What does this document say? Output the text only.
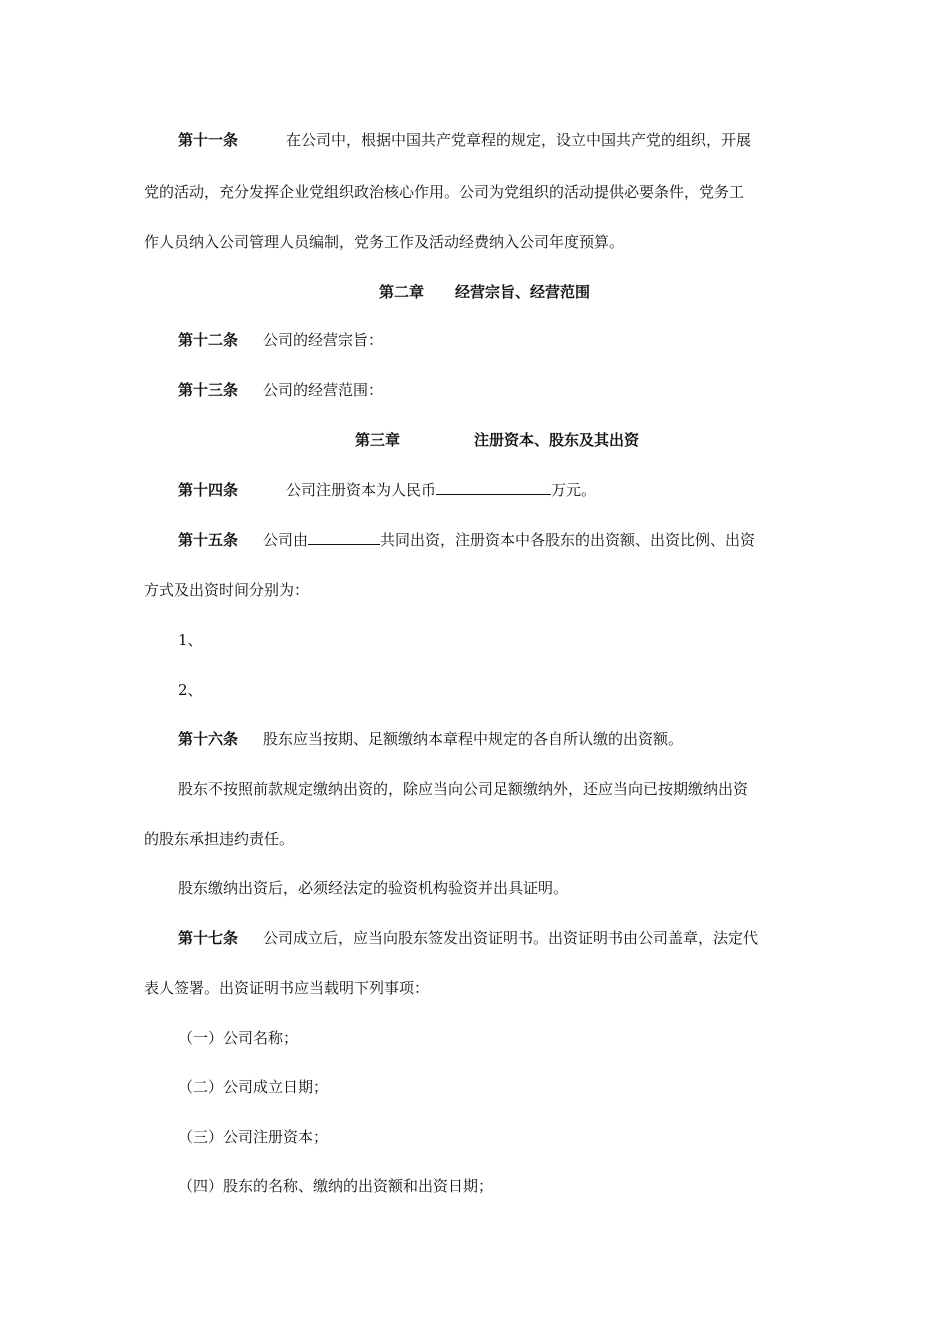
第十一条	在公司中，根据中国共产党章程的规定，设立中国共产党的组织，开展
党的活动，充分发挥企业党组织政治核心作用。公司为党组织的活动提供必要条件，党务工
作人员纳入公司管理人员编制，党务工作及活动经费纳入公司年度预算。
第二章 经营宗旨、经营范围
第十二条 公司的经营宗旨：
第十三条 公司的经营范围：
第三章	注册资本、股东及其出资
第十四条	公司注册资本为人民币	万元。
第十五条 公司由	共同出资，注册资本中各股东的出资额、出资比例、出资
方式及出资时间分别为：
1、
2、
第十六条 股东应当按期、足额缴纳本章程中规定的各自所认缴的出资额。
股东不按照前款规定缴纳出资的，除应当向公司足额缴纳外，还应当向已按期缴纳出资
的股东承担违约责任。
股东缴纳出资后，必须经法定的验资机构验资并出具证明。
第十七条 公司成立后，应当向股东签发出资证明书。出资证明书由公司盖章，法定代
表人签署。出资证明书应当载明下列事项：
（一）公司名称；
（二）公司成立日期；
（三）公司注册资本；
（四）股东的名称、缴纳的出资额和出资日期；
